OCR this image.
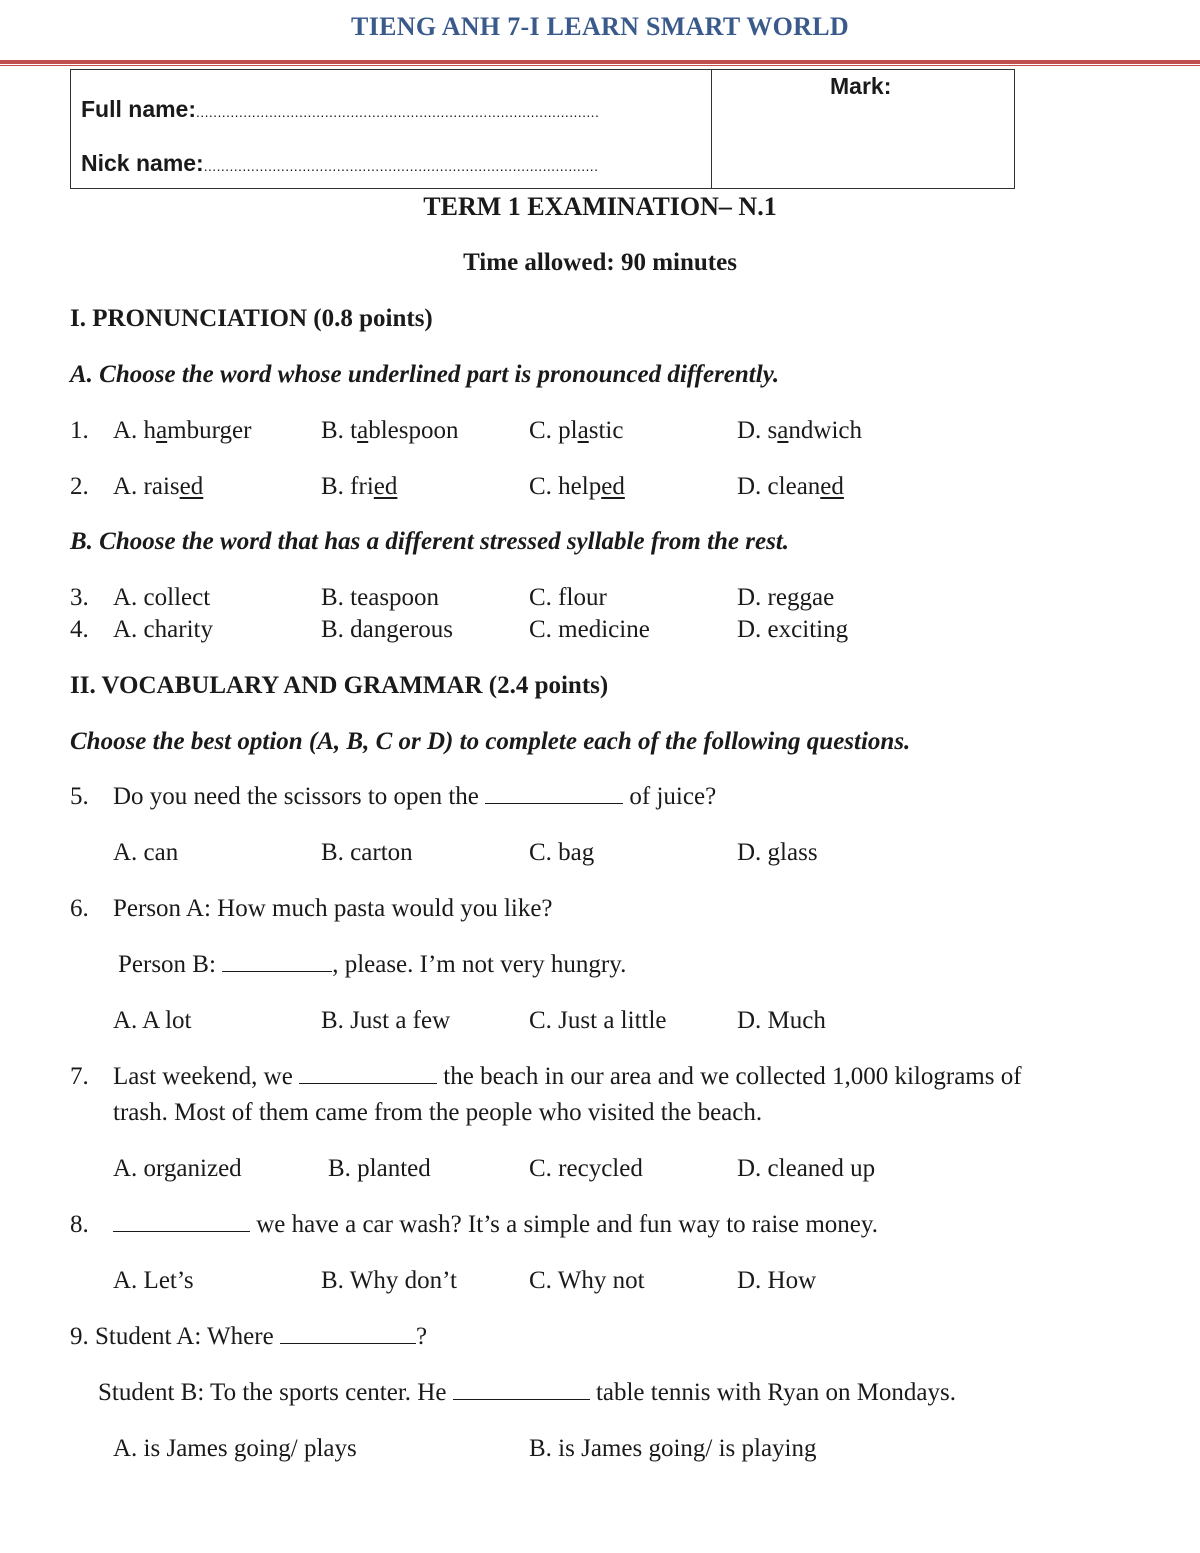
TIENG ANH 7-I LEARN SMART WORLD
Full name:..............................................................................................
Nick name:............................................................................................
Mark:
TERM 1 EXAMINATION– N.1
Time allowed: 90 minutes
I. PRONUNCIATION (0.8 points)
A. Choose the word whose underlined part is pronounced differently.
1. A. hamburger	B. tablespoon	C. plastic	D. sandwich
2. A. raised	B. fried	C. helped	D. cleaned
B. Choose the word that has a different stressed syllable from the rest.
3. A. collect	B. teaspoon	C. flour	D. reggae
4. A. charity	B. dangerous	C. medicine	D. exciting
II. VOCABULARY AND GRAMMAR (2.4 points)
Choose the best option (A, B, C or D) to complete each of the following questions.
5. Do you need the scissors to open the	of juice?
A. can	B. carton	C. bag	D. glass
6. Person A: How much pasta would you like?
Person B:	, please. I’m not very hungry.
A. A lot	B. Just a few	C. Just a little	D. Much
7. Last weekend, we	the beach in our area and we collected 1,000 kilograms of
trash. Most of them came from the people who visited the beach.
A. organized	B. planted	C. recycled	D. cleaned up
8.	we have a car wash? It’s a simple and fun way to raise money.
A. Let’s	B. Why don’t	C. Why not	D. How
9. Student A: Where	?
Student B: To the sports center. He	table tennis with Ryan on Mondays.
A. is James going/ plays	B. is James going/ is playing
